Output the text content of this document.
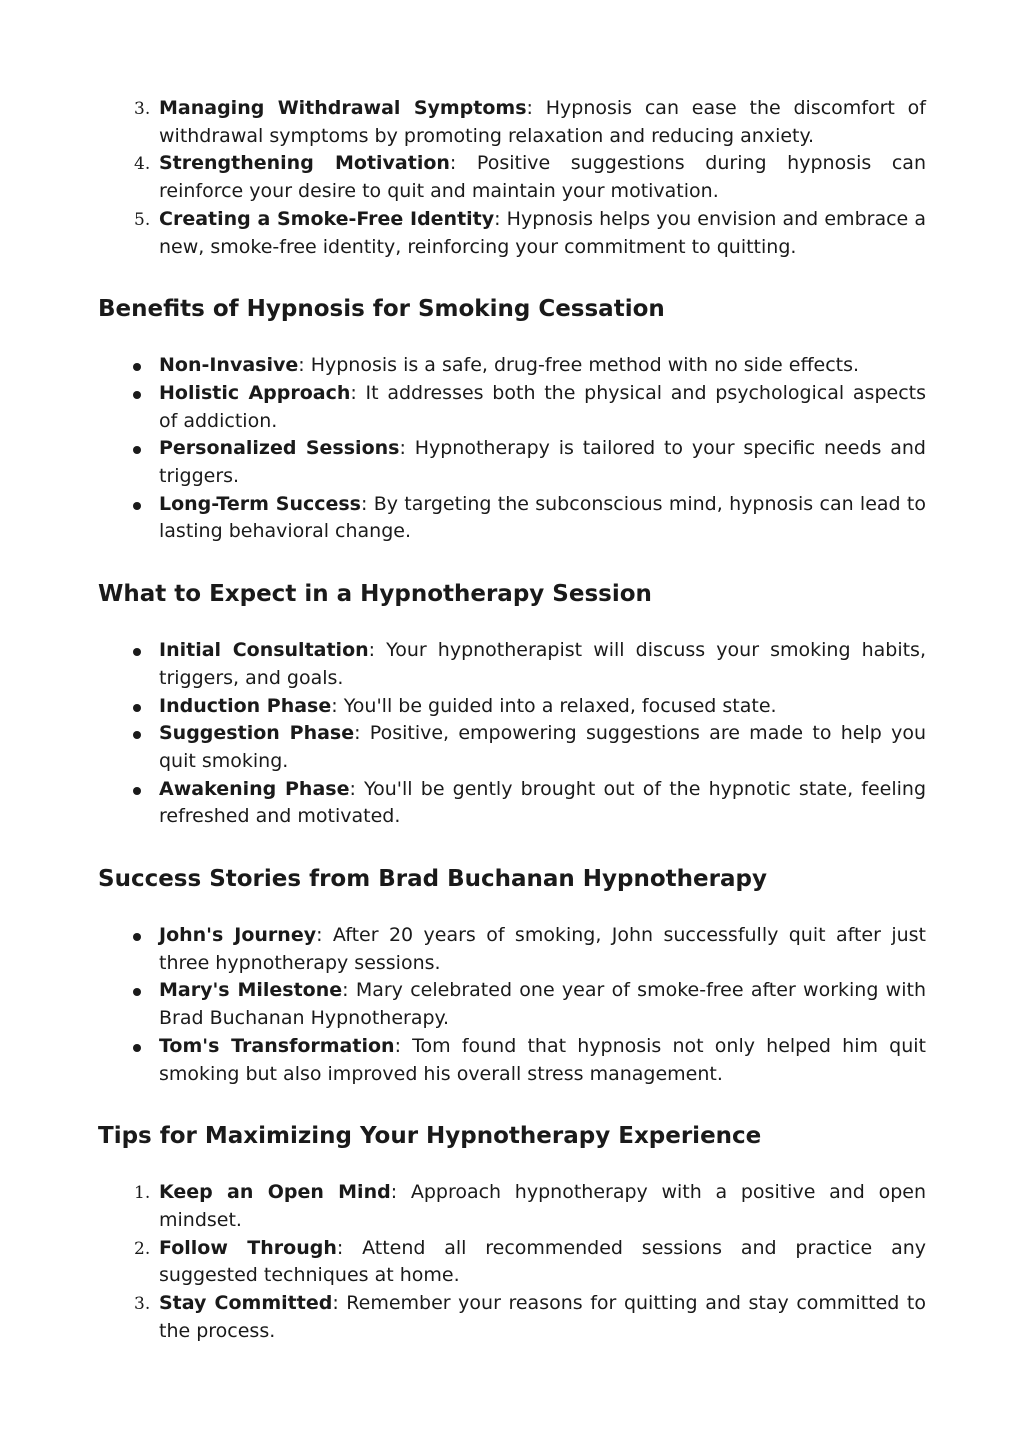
3. Managing Withdrawal Symptoms: Hypnosis can ease the discomfort of withdrawal symptoms by promoting relaxation and reducing anxiety.
4. Strengthening Motivation: Positive suggestions during hypnosis can reinforce your desire to quit and maintain your motivation.
5. Creating a Smoke-Free Identity: Hypnosis helps you envision and embrace a new, smoke-free identity, reinforcing your commitment to quitting.
Benefits of Hypnosis for Smoking Cessation
Non-Invasive: Hypnosis is a safe, drug-free method with no side effects.
Holistic Approach: It addresses both the physical and psychological aspects of addiction.
Personalized Sessions: Hypnotherapy is tailored to your specific needs and triggers.
Long-Term Success: By targeting the subconscious mind, hypnosis can lead to lasting behavioral change.
What to Expect in a Hypnotherapy Session
Initial Consultation: Your hypnotherapist will discuss your smoking habits, triggers, and goals.
Induction Phase: You'll be guided into a relaxed, focused state.
Suggestion Phase: Positive, empowering suggestions are made to help you quit smoking.
Awakening Phase: You'll be gently brought out of the hypnotic state, feeling refreshed and motivated.
Success Stories from Brad Buchanan Hypnotherapy
John's Journey: After 20 years of smoking, John successfully quit after just three hypnotherapy sessions.
Mary's Milestone: Mary celebrated one year of smoke-free after working with Brad Buchanan Hypnotherapy.
Tom's Transformation: Tom found that hypnosis not only helped him quit smoking but also improved his overall stress management.
Tips for Maximizing Your Hypnotherapy Experience
1. Keep an Open Mind: Approach hypnotherapy with a positive and open mindset.
2. Follow Through: Attend all recommended sessions and practice any suggested techniques at home.
3. Stay Committed: Remember your reasons for quitting and stay committed to the process.
